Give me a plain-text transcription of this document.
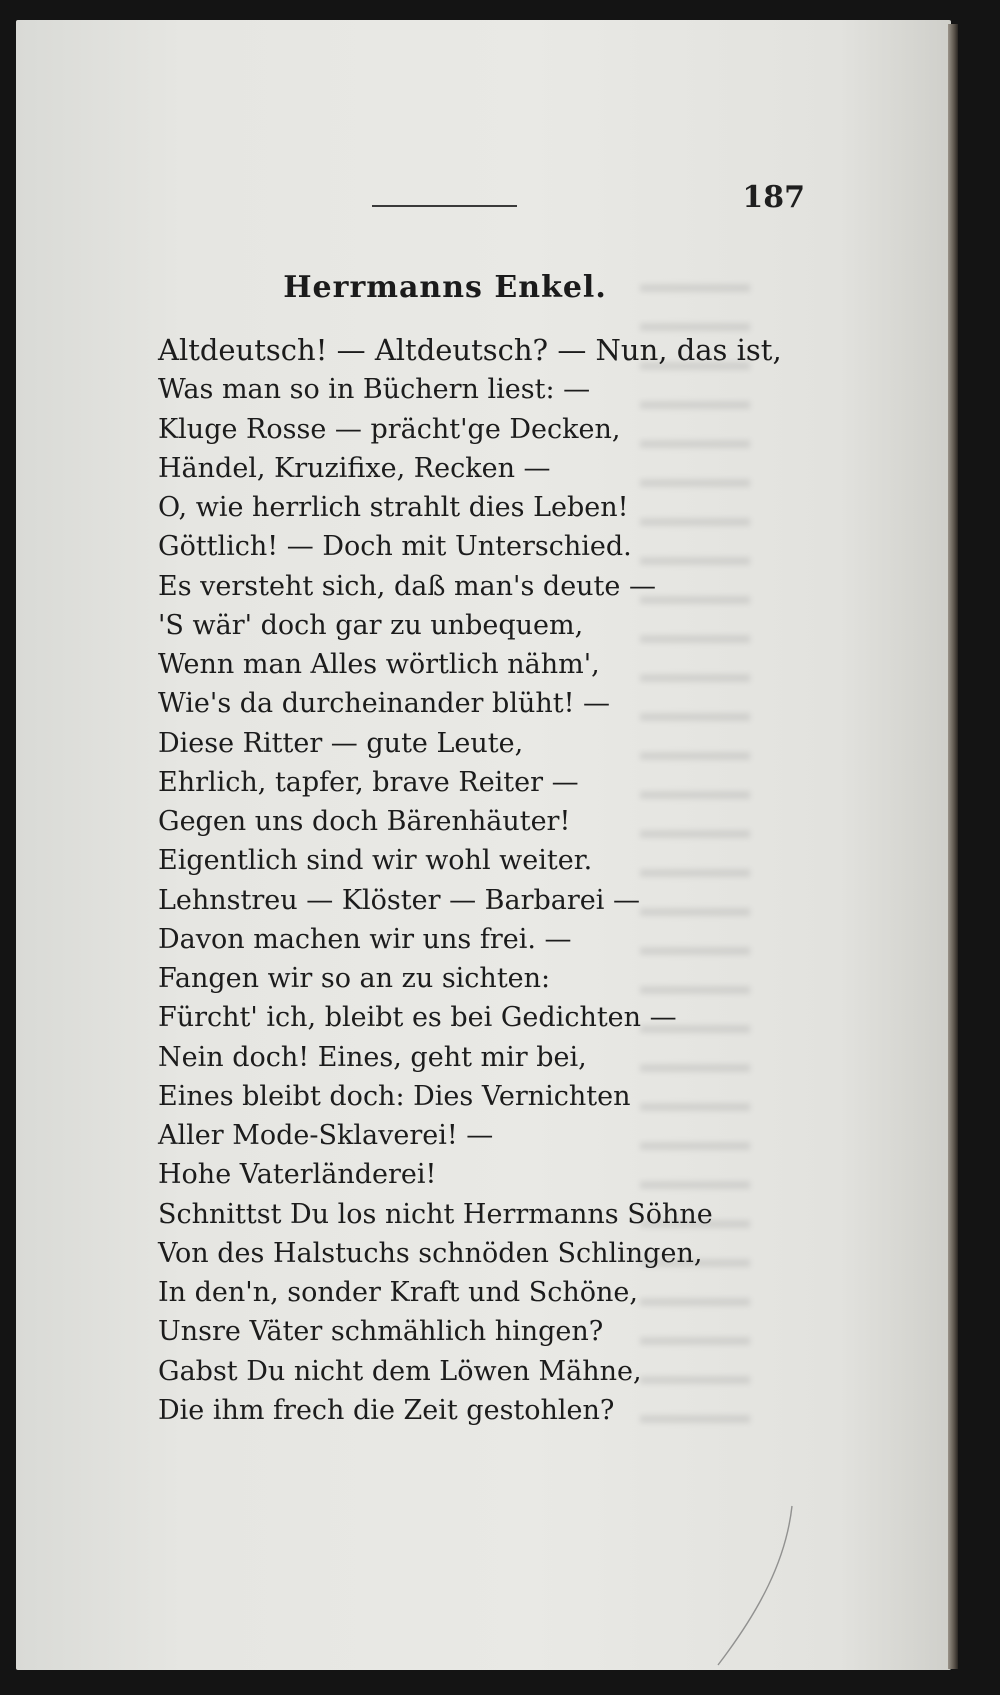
187
Herrmanns Enkel.
Altdeutsch! — Altdeutsch? — Nun, das ist,
Was man so in Büchern liest: —
Kluge Rosse — prächt'ge Decken,
Händel, Kruzifixe, Recken —
O, wie herrlich strahlt dies Leben!
Göttlich! — Doch mit Unterschied.
Es versteht sich, daß man's deute —
'S wär' doch gar zu unbequem,
Wenn man Alles wörtlich nähm',
Wie's da durcheinander blüht! —
Diese Ritter — gute Leute,
Ehrlich, tapfer, brave Reiter —
Gegen uns doch Bärenhäuter!
Eigentlich sind wir wohl weiter.
Lehnstreu — Klöster — Barbarei —
Davon machen wir uns frei. —
Fangen wir so an zu sichten:
Fürcht' ich, bleibt es bei Gedichten —
Nein doch! Eines, geht mir bei,
Eines bleibt doch: Dies Vernichten
Aller Mode-Sklaverei! —
Hohe Vaterländerei!
Schnittst Du los nicht Herrmanns Söhne
Von des Halstuchs schnöden Schlingen,
In den'n, sonder Kraft und Schöne,
Unsre Väter schmählich hingen?
Gabst Du nicht dem Löwen Mähne,
Die ihm frech die Zeit gestohlen?
